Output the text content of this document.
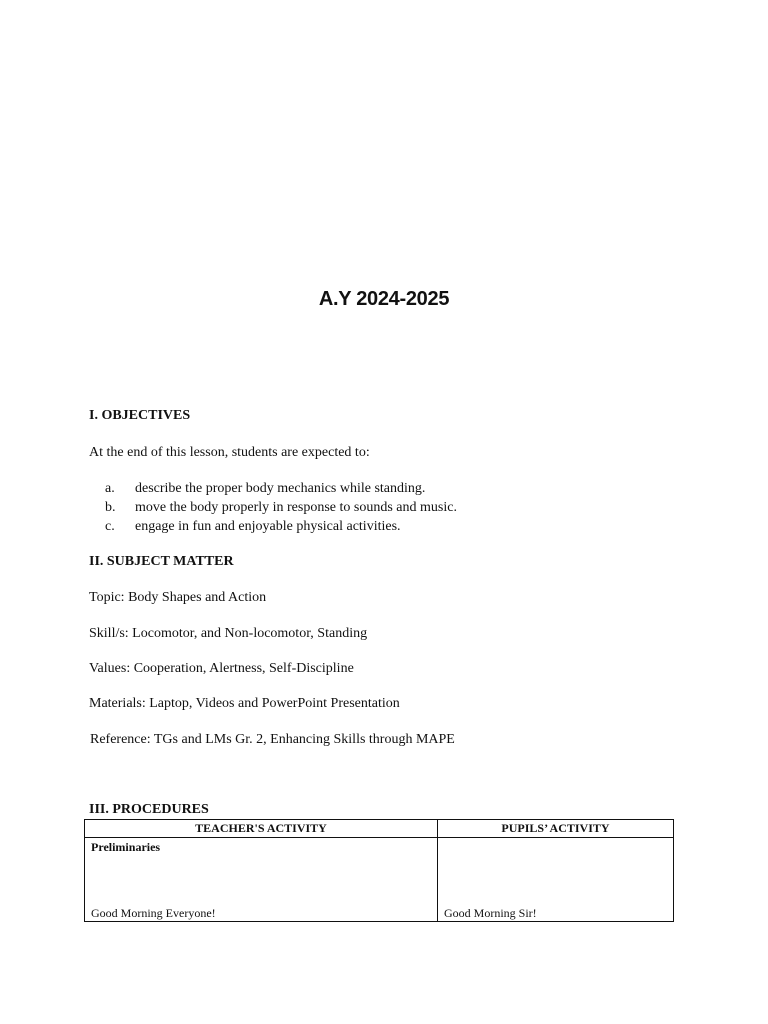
A.Y 2024-2025
I. OBJECTIVES
At the end of this lesson, students are expected to:
a.	describe the proper body mechanics while standing.
b.	move the body properly in response to sounds and music.
c.	engage in fun and enjoyable physical activities.
II. SUBJECT MATTER
Topic: Body Shapes and Action
Skill/s: Locomotor, and Non-locomotor, Standing
Values: Cooperation, Alertness, Self-Discipline
Materials: Laptop, Videos and PowerPoint Presentation
Reference: TGs and LMs Gr. 2, Enhancing Skills through MAPE
III. PROCEDURES
TEACHER'S ACTIVITY	PUPILS’ ACTIVITY

Preliminaries
Good Morning Everyone!	Good Morning Sir!
